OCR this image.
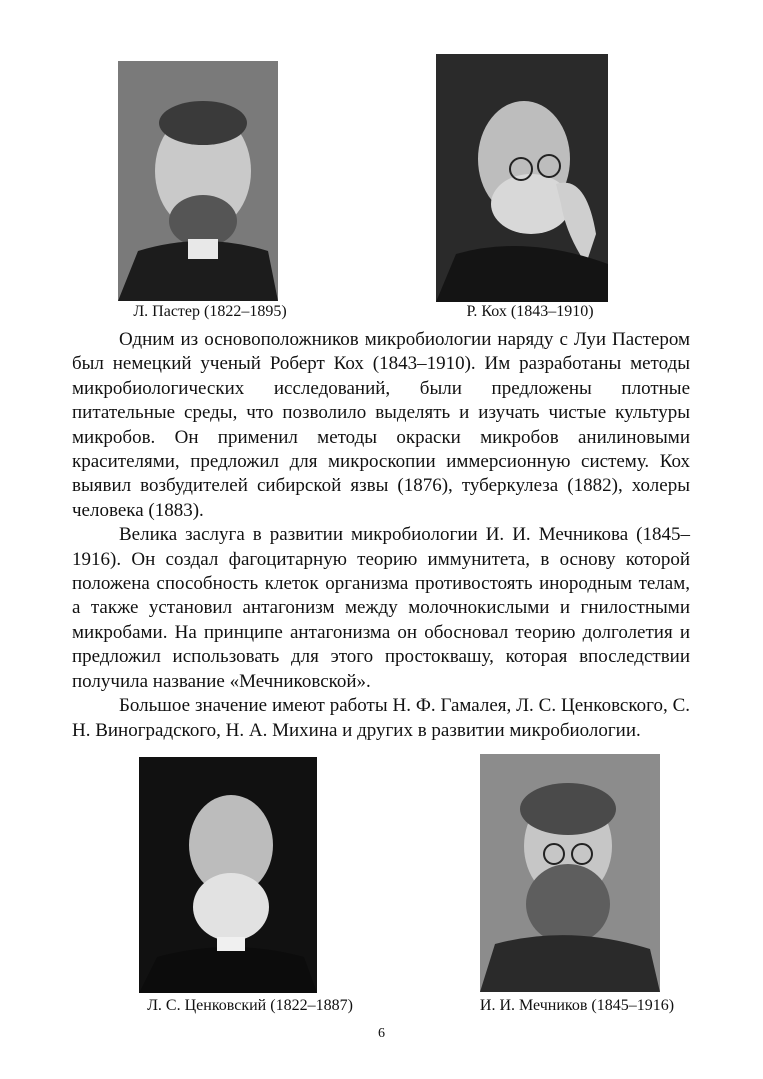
Л. Пастер (1822–1895)	Р. Кох (1843–1910)

Одним из основоположников микробиологии наряду с Луи Пастером был немецкий ученый Роберт Кох (1843–1910). Им разработаны методы микробиологических исследований, были предложены плотные питательные среды, что позволило выделять и изучать чистые культуры микробов. Он применил методы окраски микробов анилиновыми красителями, предложил для микроскопии иммерсионную систему. Кох выявил возбудителей сибирской язвы (1876), туберкулеза (1882), холеры человека (1883).

Велика заслуга в развитии микробиологии И. И. Мечникова (1845–1916). Он создал фагоцитарную теорию иммунитета, в основу которой положена способность клеток организма противостоять инородным телам, а также установил антагонизм между молочнокислыми и гнилостными микробами. На принципе антагонизма он обосновал теорию долголетия и предложил использовать для этого простоквашу, которая впоследствии получила название «Мечниковской».

Большое значение имеют работы Н. Ф. Гамалея, Л. С. Ценковского, С. Н. Виноградского, Н. А. Михина и других в развитии микробиологии.

Л. С. Ценковский (1822–1887)	И. И. Мечников (1845–1916)
6
